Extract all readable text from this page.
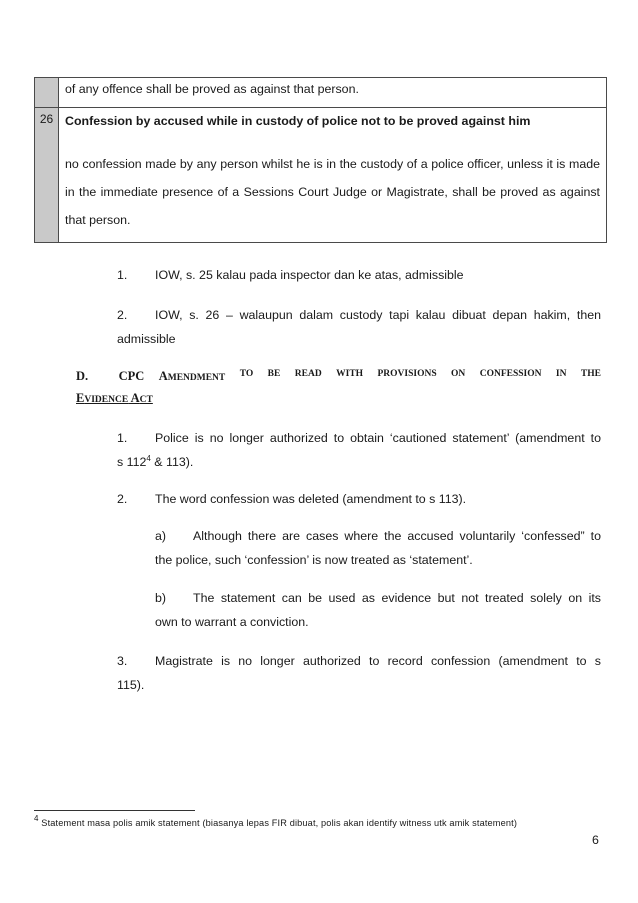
	of any offence shall be proved as against that person.
26	Confession by accused while in custody of police not to be proved against him
no confession made by any person whilst he is in the custody of a police officer, unless it is made in the immediate presence of a Sessions Court Judge or Magistrate, shall be proved as against that person.
1. IOW, s. 25 kalau pada inspector dan ke atas, admissible
2. IOW, s. 26 – walaupun dalam custody tapi kalau dibuat depan hakim, then
admissible
D. CPC AMENDMENT TO BE READ WITH PROVISIONS ON CONFESSION IN THE
EVIDENCE ACT
1. Police is no longer authorized to obtain ‘cautioned statement’ (amendment to
s $112^4$ & 113).
2. The word confession was deleted (amendment to s 113).
a) Although there are cases where the accused voluntarily ‘confessed” to
the police, such ‘confession’ is now treated as ‘statement’.
b) The statement can be used as evidence but not treated solely on its
own to warrant a conviction.
3. Magistrate is no longer authorized to record confession (amendment to s
115).
$^4$ Statement masa polis amik statement (biasanya lepas FIR dibuat, polis akan identify witness utk amik statement)
6
